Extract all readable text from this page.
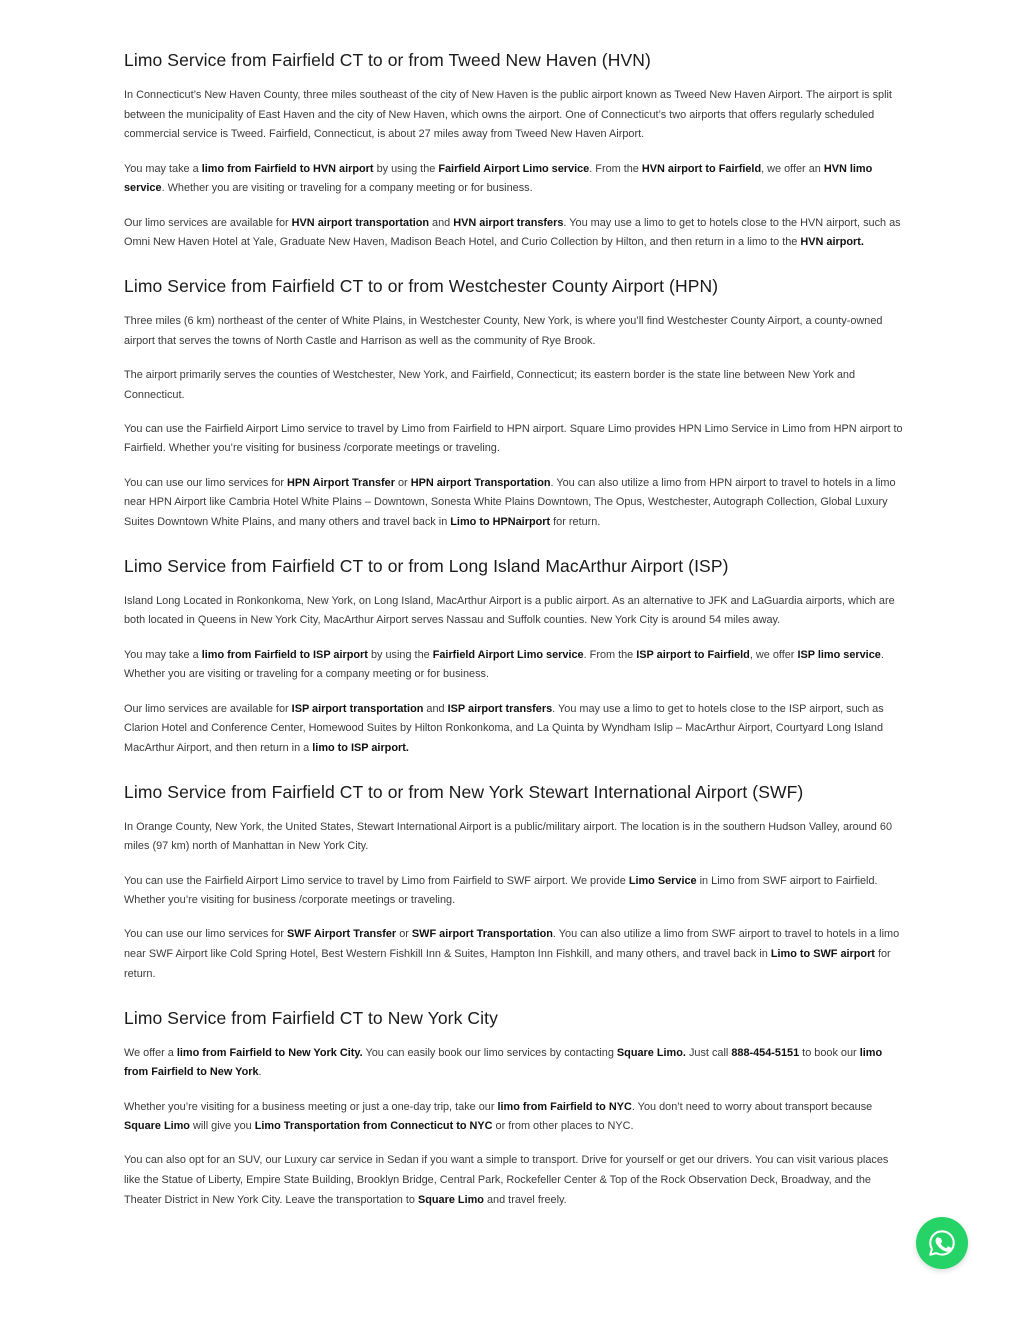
Limo Service from Fairfield CT to or from Tweed New Haven (HVN)

In Connecticut’s New Haven County, three miles southeast of the city of New Haven is the public airport known as Tweed New Haven Airport. The airport is split between the municipality of East Haven and the city of New Haven, which owns the airport. One of Connecticut’s two airports that offers regularly scheduled commercial service is Tweed. Fairfield, Connecticut, is about 27 miles away from Tweed New Haven Airport.

You may take a limo from Fairfield to HVN airport by using the Fairfield Airport Limo service. From the HVN airport to Fairfield, we offer an HVN limo service. Whether you are visiting or traveling for a company meeting or for business.

Our limo services are available for HVN airport transportation and HVN airport transfers. You may use a limo to get to hotels close to the HVN airport, such as Omni New Haven Hotel at Yale, Graduate New Haven, Madison Beach Hotel, and Curio Collection by Hilton, and then return in a limo to the HVN airport.

Limo Service from Fairfield CT to or from Westchester County Airport (HPN)

Three miles (6 km) northeast of the center of White Plains, in Westchester County, New York, is where you’ll find Westchester County Airport, a county-owned airport that serves the towns of North Castle and Harrison as well as the community of Rye Brook.

The airport primarily serves the counties of Westchester, New York, and Fairfield, Connecticut; its eastern border is the state line between New York and Connecticut.

You can use the Fairfield Airport Limo service to travel by Limo from Fairfield to HPN airport. Square Limo provides HPN Limo Service in Limo from HPN airport to Fairfield. Whether you’re visiting for business /corporate meetings or traveling.

You can use our limo services for HPN Airport Transfer or HPN airport Transportation. You can also utilize a limo from HPN airport to travel to hotels in a limo near HPN Airport like Cambria Hotel White Plains – Downtown, Sonesta White Plains Downtown, The Opus, Westchester, Autograph Collection, Global Luxury Suites Downtown White Plains, and many others and travel back in Limo to HPNairport for return.

Limo Service from Fairfield CT to or from Long Island MacArthur Airport (ISP)

Island Long Located in Ronkonkoma, New York, on Long Island, MacArthur Airport is a public airport. As an alternative to JFK and LaGuardia airports, which are both located in Queens in New York City, MacArthur Airport serves Nassau and Suffolk counties. New York City is around 54 miles away.

You may take a limo from Fairfield to ISP airport by using the Fairfield Airport Limo service. From the ISP airport to Fairfield, we offer ISP limo service. Whether you are visiting or traveling for a company meeting or for business.

Our limo services are available for ISP airport transportation and ISP airport transfers. You may use a limo to get to hotels close to the ISP airport, such as Clarion Hotel and Conference Center, Homewood Suites by Hilton Ronkonkoma, and La Quinta by Wyndham Islip – MacArthur Airport, Courtyard Long Island MacArthur Airport, and then return in a limo to ISP airport.

Limo Service from Fairfield CT to or from New York Stewart International Airport (SWF)

In Orange County, New York, the United States, Stewart International Airport is a public/military airport. The location is in the southern Hudson Valley, around 60 miles (97 km) north of Manhattan in New York City.

You can use the Fairfield Airport Limo service to travel by Limo from Fairfield to SWF airport. We provide Limo Service in Limo from SWF airport to Fairfield. Whether you’re visiting for business /corporate meetings or traveling.

You can use our limo services for SWF Airport Transfer or SWF airport Transportation. You can also utilize a limo from SWF airport to travel to hotels in a limo near SWF Airport like Cold Spring Hotel, Best Western Fishkill Inn & Suites, Hampton Inn Fishkill, and many others, and travel back in Limo to SWF airport for return.

Limo Service from Fairfield CT to New York City

We offer a limo from Fairfield to New York City. You can easily book our limo services by contacting Square Limo. Just call 888-454-5151 to book our limo from Fairfield to New York.

Whether you’re visiting for a business meeting or just a one-day trip, take our limo from Fairfield to NYC. You don’t need to worry about transport because Square Limo will give you Limo Transportation from Connecticut to NYC or from other places to NYC.

You can also opt for an SUV, our Luxury car service in Sedan if you want a simple to transport. Drive for yourself or get our drivers. You can visit various places like the Statue of Liberty, Empire State Building, Brooklyn Bridge, Central Park, Rockefeller Center & Top of the Rock Observation Deck, Broadway, and the Theater District in New York City. Leave the transportation to Square Limo and travel freely.
